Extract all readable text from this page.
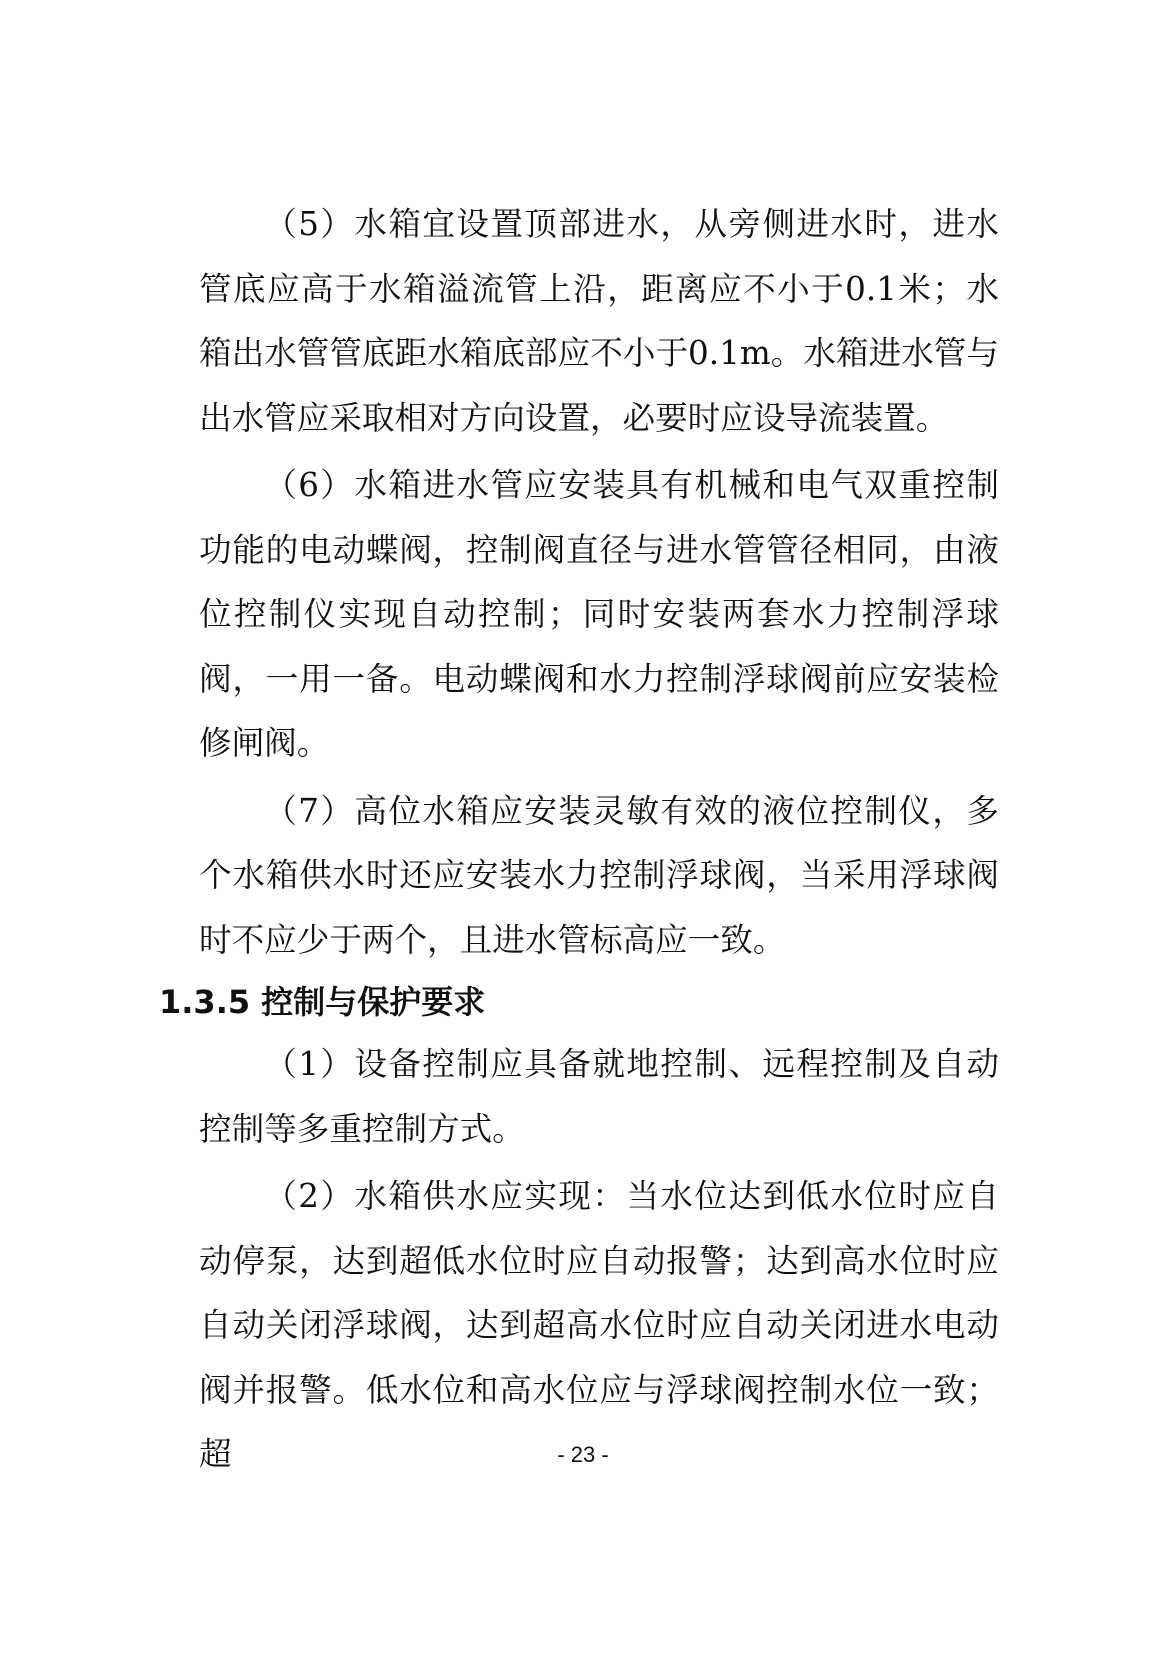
（5）水箱宜设置顶部进水，从旁侧进水时，进水管底应高于水箱溢流管上沿，距离应不小于0.1米；水箱出水管管底距水箱底部应不小于0.1m。水箱进水管与出水管应采取相对方向设置，必要时应设导流装置。

（6）水箱进水管应安装具有机械和电气双重控制功能的电动蝶阀，控制阀直径与进水管管径相同，由液位控制仪实现自动控制；同时安装两套水力控制浮球阀，一用一备。电动蝶阀和水力控制浮球阀前应安装检修闸阀。

（7）高位水箱应安装灵敏有效的液位控制仪，多个水箱供水时还应安装水力控制浮球阀，当采用浮球阀时不应少于两个，且进水管标高应一致。

1.3.5 控制与保护要求

（1）设备控制应具备就地控制、远程控制及自动控制等多重控制方式。

（2）水箱供水应实现：当水位达到低水位时应自动停泵，达到超低水位时应自动报警；达到高水位时应自动关闭浮球阀，达到超高水位时应自动关闭进水电动阀并报警。低水位和高水位应与浮球阀控制水位一致；超	- 23 -
